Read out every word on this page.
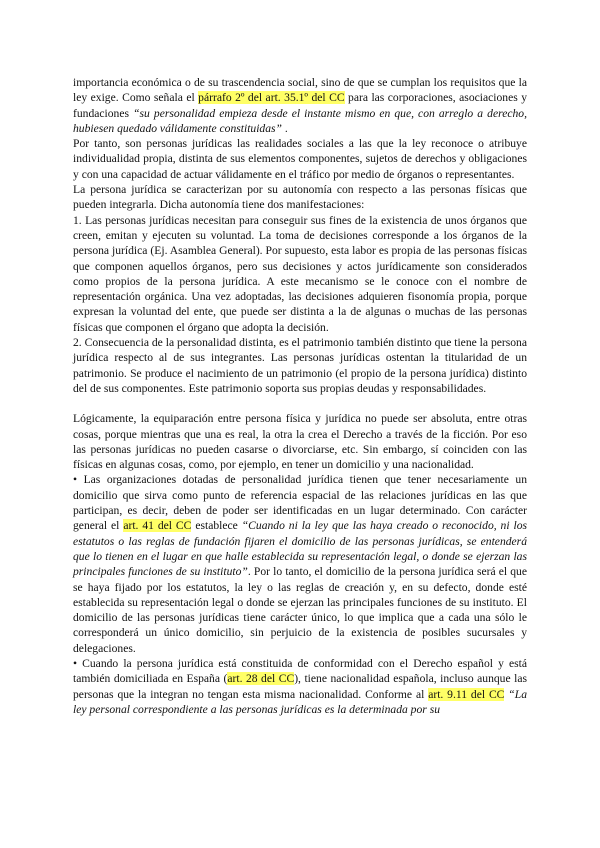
importancia económica o de su trascendencia social, sino de que se cumplan los requisitos que la ley exige. Como señala el párrafo 2º del art. 35.1º del CC para las corporaciones, asociaciones y fundaciones “su personalidad empieza desde el instante mismo en que, con arreglo a derecho, hubiesen quedado válidamente constituidas” .

Por tanto, son personas jurídicas las realidades sociales a las que la ley reconoce o atribuye individualidad propia, distinta de sus elementos componentes, sujetos de derechos y obligaciones y con una capacidad de actuar válidamente en el tráfico por medio de órganos o representantes.

La persona jurídica se caracterizan por su autonomía con respecto a las personas físicas que pueden integrarla. Dicha autonomía tiene dos manifestaciones:

1. Las personas jurídicas necesitan para conseguir sus fines de la existencia de unos órganos que creen, emitan y ejecuten su voluntad. La toma de decisiones corresponde a los órganos de la persona jurídica (Ej. Asamblea General). Por supuesto, esta labor es propia de las personas físicas que componen aquellos órganos, pero sus decisiones y actos jurídicamente son considerados como propios de la persona jurídica. A este mecanismo se le conoce con el nombre de representación orgánica. Una vez adoptadas, las decisiones adquieren fisonomía propia, porque expresan la voluntad del ente, que puede ser distinta a la de algunas o muchas de las personas físicas que componen el órgano que adopta la decisión.

2. Consecuencia de la personalidad distinta, es el patrimonio también distinto que tiene la persona jurídica respecto al de sus integrantes. Las personas jurídicas ostentan la titularidad de un patrimonio. Se produce el nacimiento de un patrimonio (el propio de la persona jurídica) distinto del de sus componentes. Este patrimonio soporta sus propias deudas y responsabilidades.

Lógicamente, la equiparación entre persona física y jurídica no puede ser absoluta, entre otras cosas, porque mientras que una es real, la otra la crea el Derecho a través de la ficción. Por eso las personas jurídicas no pueden casarse o divorciarse, etc. Sin embargo, sí coinciden con las físicas en algunas cosas, como, por ejemplo, en tener un domicilio y una nacionalidad.

• Las organizaciones dotadas de personalidad jurídica tienen que tener necesariamente un domicilio que sirva como punto de referencia espacial de las relaciones jurídicas en las que participan, es decir, deben de poder ser identificadas en un lugar determinado. Con carácter general el art. 41 del CC establece “Cuando ni la ley que las haya creado o reconocido, ni los estatutos o las reglas de fundación fijaren el domicilio de las personas jurídicas, se entenderá que lo tienen en el lugar en que halle establecida su representación legal, o donde se ejerzan las principales funciones de su instituto”. Por lo tanto, el domicilio de la persona jurídica será el que se haya fijado por los estatutos, la ley o las reglas de creación y, en su defecto, donde esté establecida su representación legal o donde se ejerzan las principales funciones de su instituto. El domicilio de las personas jurídicas tiene carácter único, lo que implica que a cada una sólo le corresponderá un único domicilio, sin perjuicio de la existencia de posibles sucursales y delegaciones.

• Cuando la persona jurídica está constituida de conformidad con el Derecho español y está también domiciliada en España (art. 28 del CC), tiene nacionalidad española, incluso aunque las personas que la integran no tengan esta misma nacionalidad. Conforme al art. 9.11 del CC “La ley personal correspondiente a las personas jurídicas es la determinada por su
